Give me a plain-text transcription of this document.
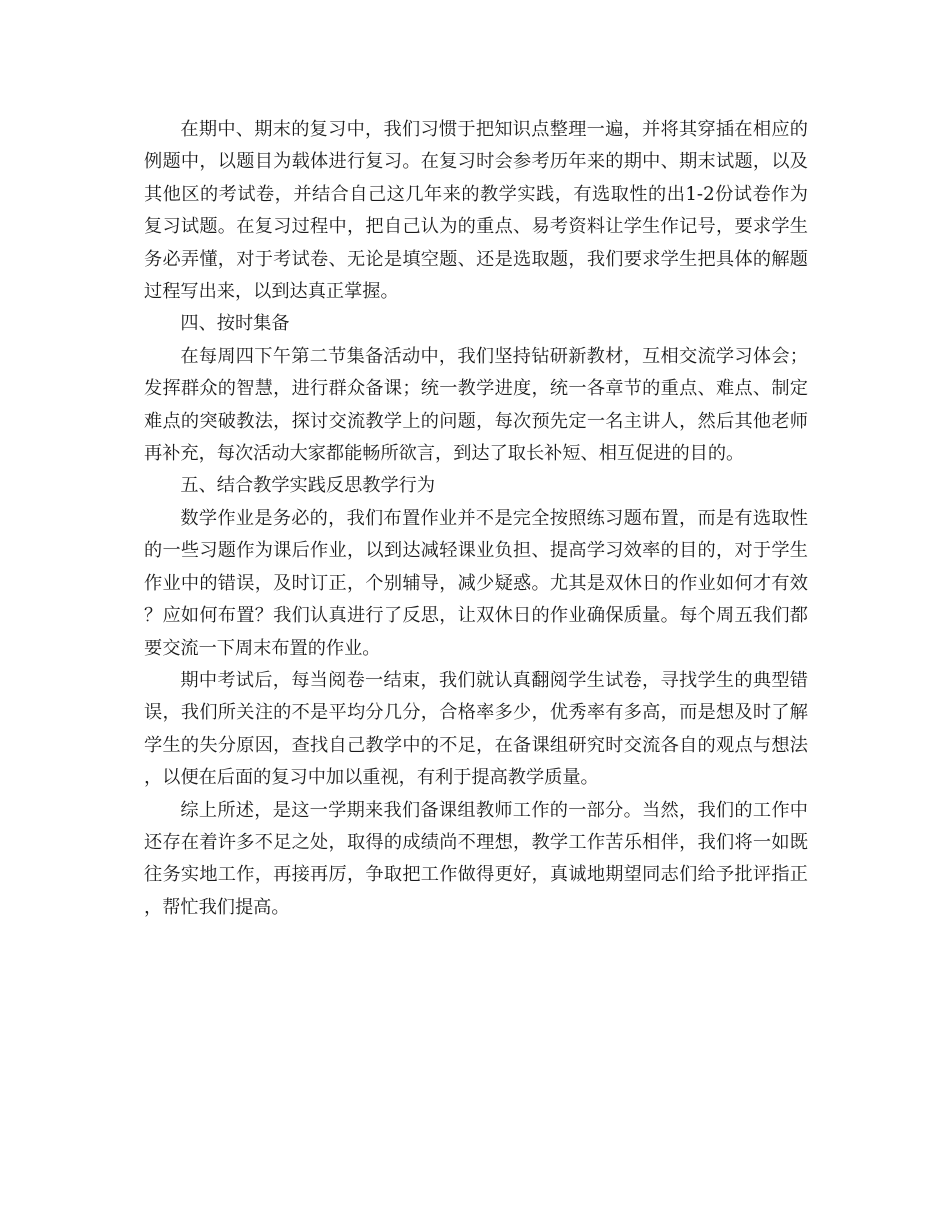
在期中、期末的复习中，我们习惯于把知识点整理一遍，并将其穿插在相应的例题中，以题目为载体进行复习。在复习时会参考历年来的期中、期末试题，以及其他区的考试卷，并结合自己这几年来的教学实践，有选取性的出1-2份试卷作为复习试题。在复习过程中，把自己认为的重点、易考资料让学生作记号，要求学生务必弄懂，对于考试卷、无论是填空题、还是选取题，我们要求学生把具体的解题过程写出来，以到达真正掌握。

四、按时集备

在每周四下午第二节集备活动中，我们坚持钻研新教材，互相交流学习体会；发挥群众的智慧，进行群众备课；统一教学进度，统一各章节的重点、难点、制定难点的突破教法，探讨交流教学上的问题，每次预先定一名主讲人，然后其他老师再补充，每次活动大家都能畅所欲言，到达了取长补短、相互促进的目的。

五、结合教学实践反思教学行为

数学作业是务必的，我们布置作业并不是完全按照练习题布置，而是有选取性的一些习题作为课后作业，以到达减轻课业负担、提高学习效率的目的，对于学生作业中的错误，及时订正，个别辅导，减少疑惑。尤其是双休日的作业如何才有效？应如何布置？我们认真进行了反思，让双休日的作业确保质量。每个周五我们都要交流一下周末布置的作业。

期中考试后，每当阅卷一结束，我们就认真翻阅学生试卷，寻找学生的典型错误，我们所关注的不是平均分几分，合格率多少，优秀率有多高，而是想及时了解学生的失分原因，查找自己教学中的不足，在备课组研究时交流各自的观点与想法，以便在后面的复习中加以重视，有利于提高教学质量。

综上所述，是这一学期来我们备课组教师工作的一部分。当然，我们的工作中还存在着许多不足之处，取得的成绩尚不理想，教学工作苦乐相伴，我们将一如既往务实地工作，再接再厉，争取把工作做得更好，真诚地期望同志们给予批评指正，帮忙我们提高。
